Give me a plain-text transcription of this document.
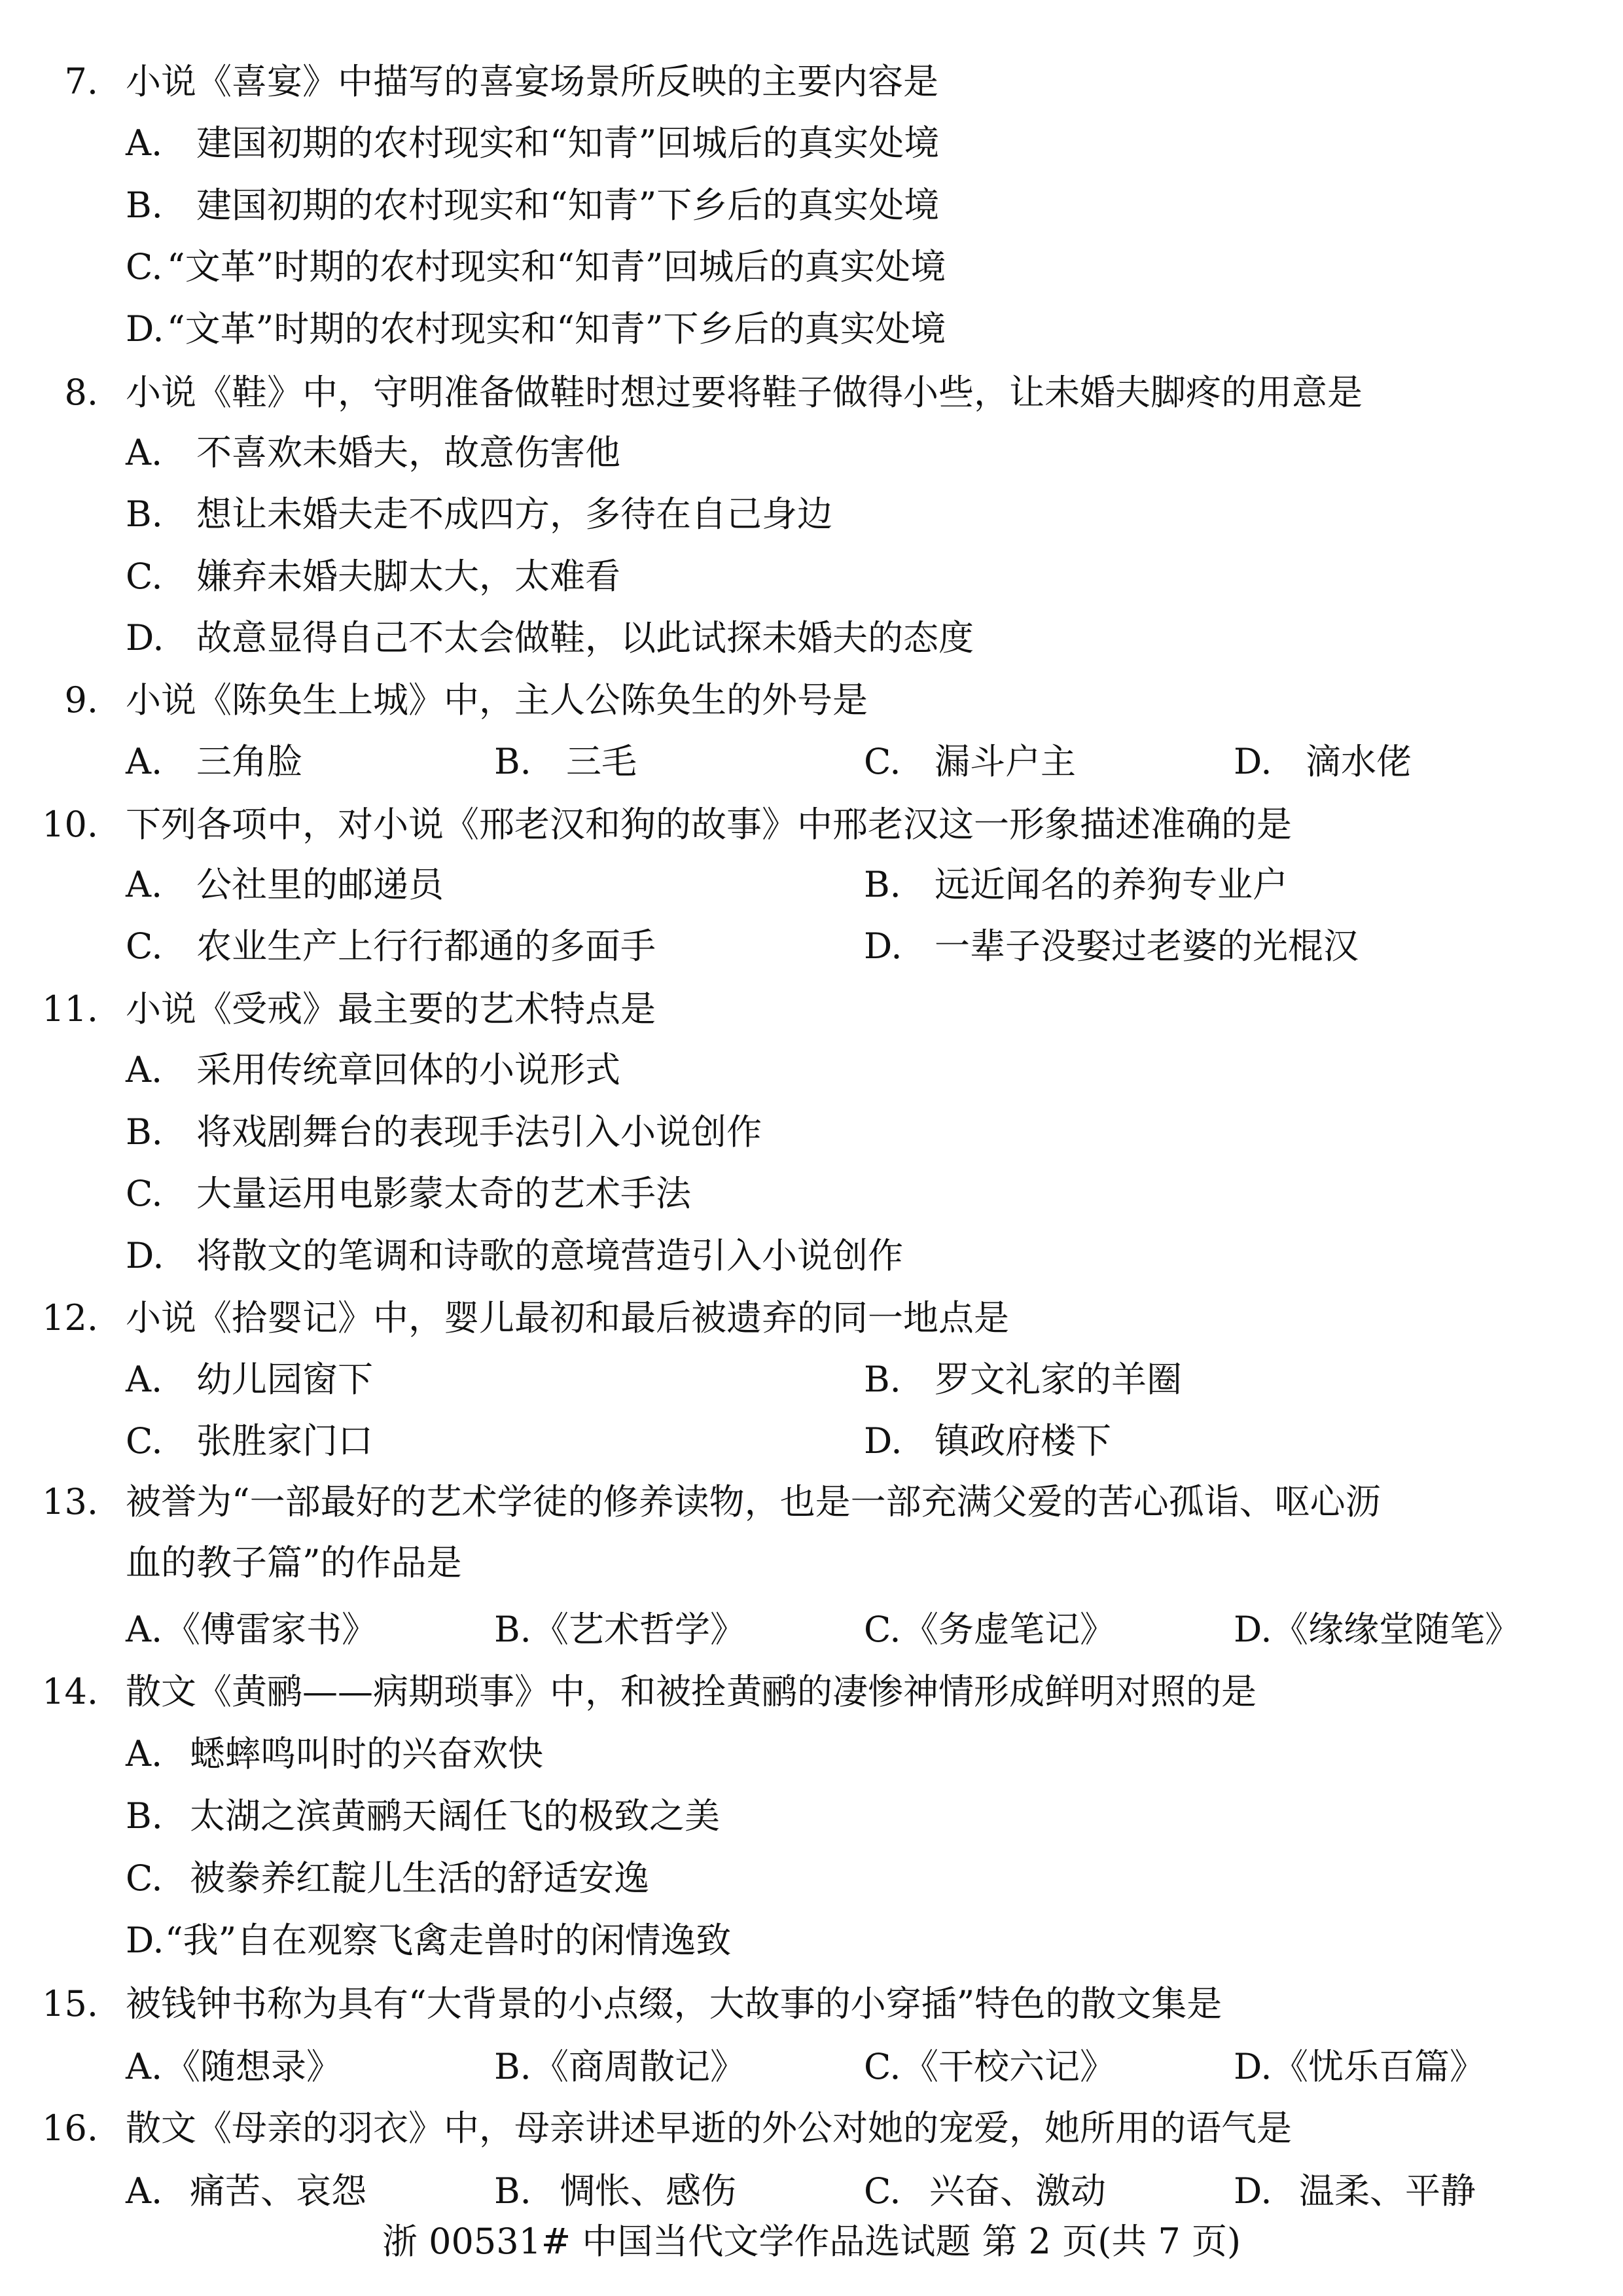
7. 小说《喜宴》中描写的喜宴场景所反映的主要内容是
A. 建国初期的农村现实和“知青”回城后的真实处境
B. 建国初期的农村现实和“知青”下乡后的真实处境
C. “文革”时期的农村现实和“知青”回城后的真实处境
D. “文革”时期的农村现实和“知青”下乡后的真实处境
8. 小说《鞋》中，守明准备做鞋时想过要将鞋子做得小些，让未婚夫脚疼的用意是
A. 不喜欢未婚夫，故意伤害他
B. 想让未婚夫走不成四方，多待在自己身边
C. 嫌弃未婚夫脚太大，太难看
D. 故意显得自己不太会做鞋，以此试探未婚夫的态度
9. 小说《陈奂生上城》中，主人公陈奂生的外号是
A. 三角脸	B. 三毛	C. 漏斗户主	D. 滴水佬
10. 下列各项中，对小说《邢老汉和狗的故事》中邢老汉这一形象描述准确的是
A. 公社里的邮递员	B. 远近闻名的养狗专业户
C. 农业生产上行行都通的多面手	D. 一辈子没娶过老婆的光棍汉
11. 小说《受戒》最主要的艺术特点是
A. 采用传统章回体的小说形式
B. 将戏剧舞台的表现手法引入小说创作
C. 大量运用电影蒙太奇的艺术手法
D. 将散文的笔调和诗歌的意境营造引入小说创作
12. 小说《拾婴记》中，婴儿最初和最后被遗弃的同一地点是
A. 幼儿园窗下	B. 罗文礼家的羊圈
C. 张胜家门口	D. 镇政府楼下
13. 被誉为“一部最好的艺术学徒的修养读物，也是一部充满父爱的苦心孤诣、呕心沥
血的教子篇”的作品是
A. 《傅雷家书》	B. 《艺术哲学》	C. 《务虚笔记》	D. 《缘缘堂随笔》
14. 散文《黄鹂——病期琐事》中，和被拴黄鹂的凄惨神情形成鲜明对照的是
A. 蟋蟀鸣叫时的兴奋欢快
B. 太湖之滨黄鹂天阔任飞的极致之美
C. 被豢养红靛儿生活的舒适安逸
D. “我”自在观察飞禽走兽时的闲情逸致
15. 被钱钟书称为具有“大背景的小点缀，大故事的小穿插”特色的散文集是
A. 《随想录》	B. 《商周散记》	C. 《干校六记》	D. 《忧乐百篇》
16. 散文《母亲的羽衣》中，母亲讲述早逝的外公对她的宠爱，她所用的语气是
A. 痛苦、哀怨	B. 惆怅、感伤	C. 兴奋、激动	D. 温柔、平静
浙 00531# 中国当代文学作品选试题 第 2 页(共 7 页)
